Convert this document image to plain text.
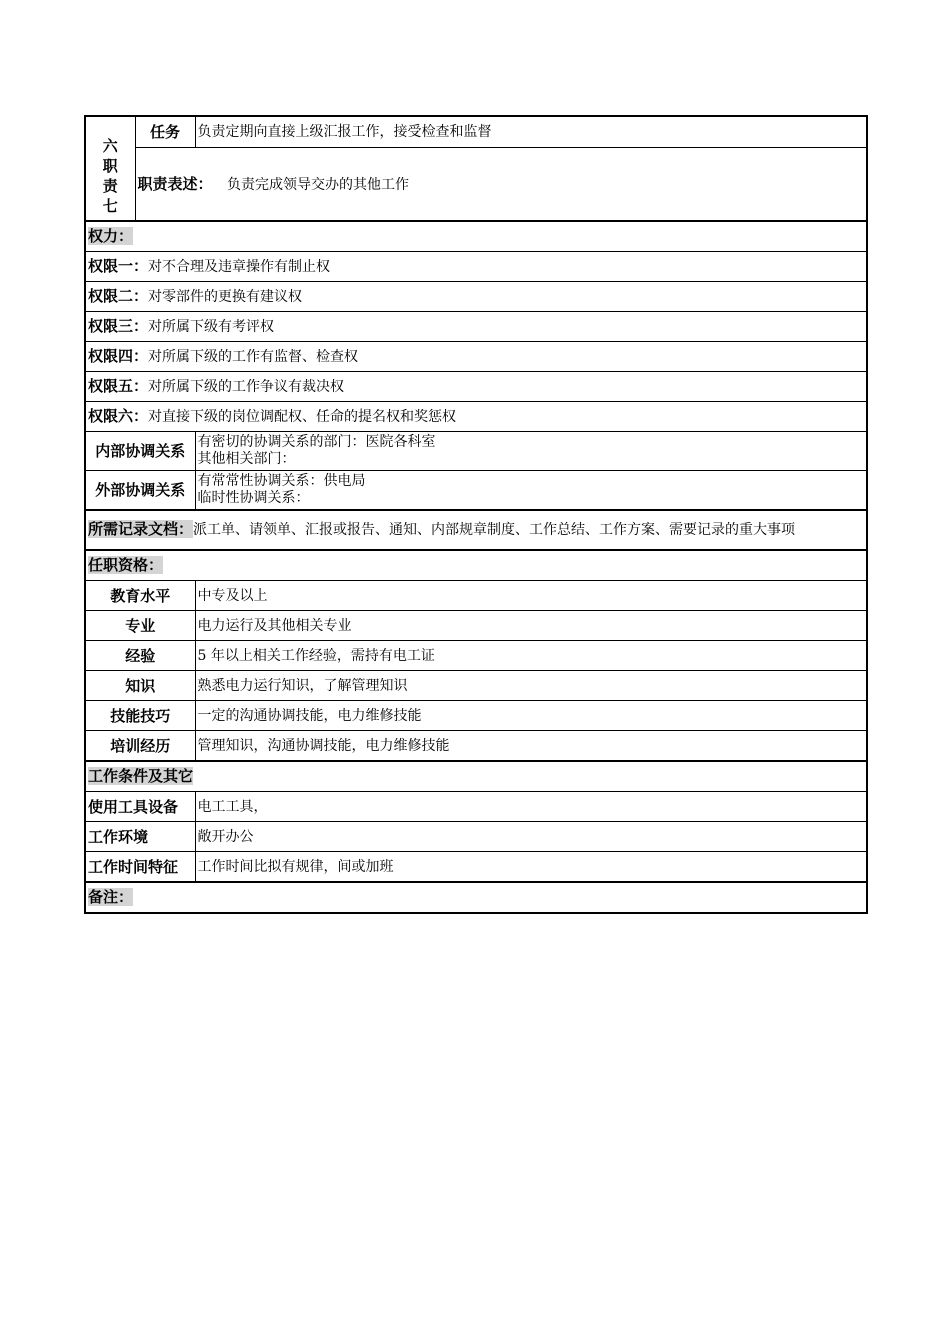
六
职
责
七	任务	负责定期向直接上级汇报工作，接受检查和监督
	职责表述： 负责完成领导交办的其他工作	
权力：		
权限一：对不合理及违章操作有制止权		
权限二：对零部件的更换有建议权		
权限三：对所属下级有考评权		
权限四：对所属下级的工作有监督、检查权		
权限五：对所属下级的工作争议有裁决权		
权限六：对直接下级的岗位调配权、任命的提名权和奖惩权		
内部协调关系		有密切的协调关系的部门：医院各科室
其他相关部门：

外部协调关系		有常常性协调关系：供电局
临时性协调关系：

所需记录文档：派工单、请领单、汇报或报告、通知、内部规章制度、工作总结、工作方案、需要记录的重大事项		
任职资格：		
教育水平		中专及以上
专业		电力运行及其他相关专业
经验		5 年以上相关工作经验，需持有电工证
知识		熟悉电力运行知识，了解管理知识
技能技巧		一定的沟通协调技能，电力维修技能
培训经历		管理知识，沟通协调技能，电力维修技能
工作条件及其它		
使用工具设备		电工工具，
工作环境		敞开办公
工作时间特征		工作时间比拟有规律，间或加班
备注：		
